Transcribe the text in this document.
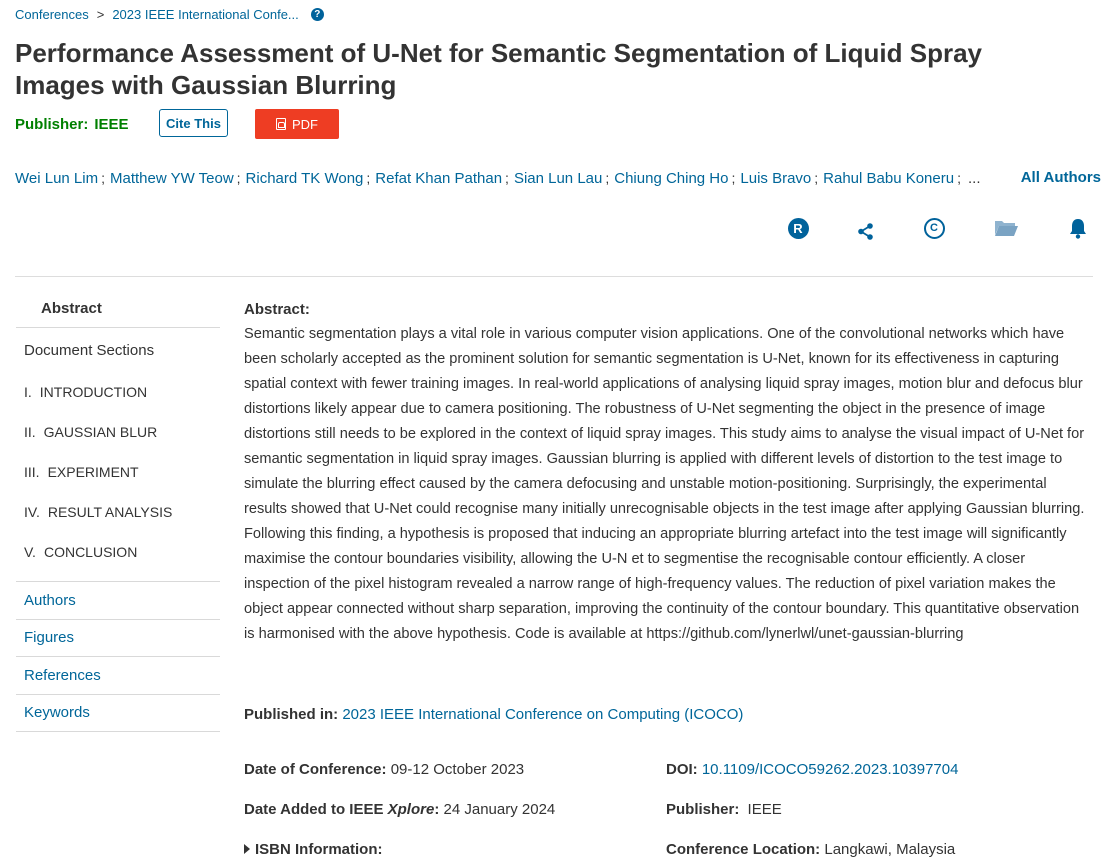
Conferences > 2023 IEEE International Confe...	?
Performance Assessment of U-Net for Semantic Segmentation of Liquid Spray Images with Gaussian Blurring
Publisher: IEEE	Cite This	PDF
Wei Lun Lim ; Matthew YW Teow ; Richard TK Wong ; Refat Khan Pathan ; Sian Lun Lau ; Chiung Ching Ho ; Luis Bravo ; Rahul Babu Koneru ; ...	All Authors
R	C
Abstract
Document Sections
I. INTRODUCTION
II. GAUSSIAN BLUR
III. EXPERIMENT
IV. RESULT ANALYSIS
V. CONCLUSION
Authors
Figures
References
Keywords
Abstract:

Semantic segmentation plays a vital role in various computer vision applications. One of the convolutional networks which have been scholarly accepted as the prominent solution for semantic segmentation is U-Net, known for its effectiveness in capturing spatial context with fewer training images. In real-world applications of analysing liquid spray images, motion blur and defocus blur distortions likely appear due to camera positioning. The robustness of U-Net segmenting the object in the presence of image distortions still needs to be explored in the context of liquid spray images. This study aims to analyse the visual impact of U-Net for semantic segmentation in liquid spray images. Gaussian blurring is applied with different levels of distortion to the test image to simulate the blurring effect caused by the camera defocusing and unstable motion-positioning. Surprisingly, the experimental results showed that U-Net could recognise many initially unrecognisable objects in the test image after applying Gaussian blurring. Following this finding, a hypothesis is proposed that inducing an appropriate blurring artefact into the test image will significantly maximise the contour boundaries visibility, allowing the U-N et to segmentise the recognisable contour efficiently. A closer inspection of the pixel histogram revealed a narrow range of high-frequency values. The reduction of pixel variation makes the object appear connected without sharp separation, improving the continuity of the contour boundary. This quantitative observation is harmonised with the above hypothesis. Code is available at https://github.com/lynerlwl/unet-gaussian-blurring

Published in: 2023 IEEE International Conference on Computing (ICOCO)
Date of Conference: 09-12 October 2023
Date Added to IEEE Xplore: 24 January 2024
ISBN Information:
DOI: 10.1109/ICOCO59262.2023.10397704
Publisher: IEEE
Conference Location: Langkawi, Malaysia
